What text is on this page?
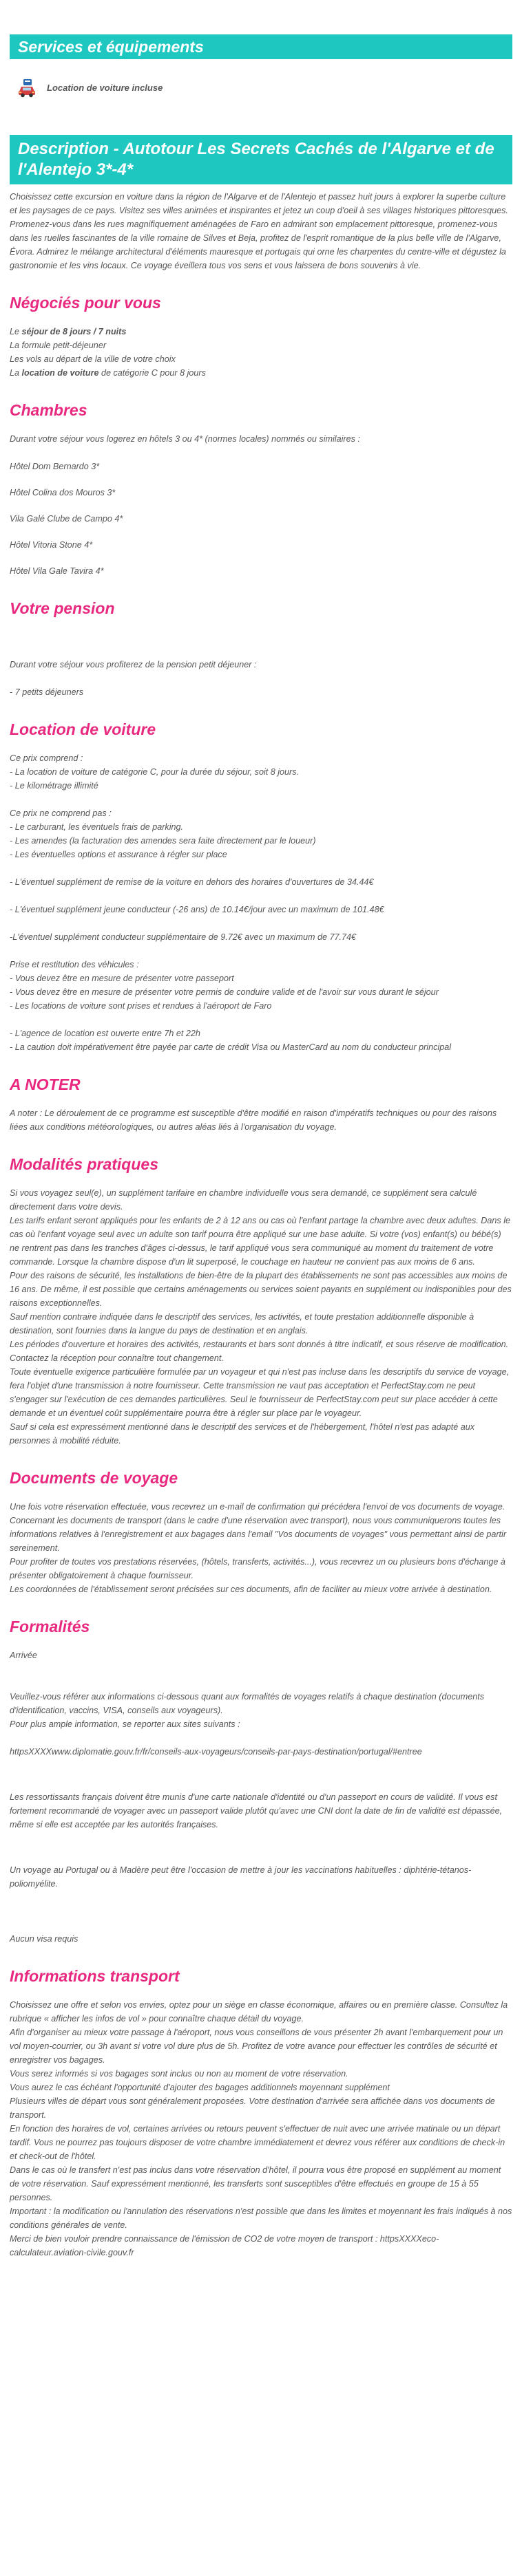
Services et équipements
Location de voiture incluse
Description - Autotour Les Secrets Cachés de l'Algarve et de l'Alentejo 3*-4*

Choisissez cette excursion en voiture dans la région de l'Algarve et de l'Alentejo et passez huit jours à explorer la superbe culture et les paysages de ce pays. Visitez ses villes animées et inspirantes et jetez un coup d'oeil à ses villages historiques pittoresques. Promenez-vous dans les rues magnifiquement aménagées de Faro en admirant son emplacement pittoresque, promenez-vous dans les ruelles fascinantes de la ville romaine de Silves et Beja, profitez de l'esprit romantique de la plus belle ville de l'Algarve, Évora. Admirez le mélange architectural d'éléments mauresque et portugais qui orne les charpentes du centre-ville et dégustez la gastronomie et les vins locaux. Ce voyage éveillera tous vos sens et vous laissera de bons souvenirs à vie.

Négociés pour vous

Le séjour de 8 jours / 7 nuits

La formule petit-déjeuner

Les vols au départ de la ville de votre choix

La location de voiture de catégorie C pour 8 jours

Chambres

Durant votre séjour vous logerez en hôtels 3 ou 4* (normes locales) nommés ou similaires :

Hôtel Dom Bernardo 3*

Hôtel Colina dos Mouros 3*

Vila Galé Clube de Campo 4*

Hôtel Vitoria Stone 4*

Hôtel Vila Gale Tavira 4*

Votre pension

Durant votre séjour vous profiterez de la pension petit déjeuner :

- 7 petits déjeuners

Location de voiture

Ce prix comprend :

- La location de voiture de catégorie C, pour la durée du séjour, soit 8 jours.

- Le kilométrage illimité

Ce prix ne comprend pas :

- Le carburant, les éventuels frais de parking.

- Les amendes (la facturation des amendes sera faite directement par le loueur)

- Les éventuelles options et assurance à régler sur place

- L'éventuel supplément de remise de la voiture en dehors des horaires d'ouvertures de 34.44€

- L'éventuel supplément jeune conducteur (-26 ans) de 10.14€/jour avec un maximum de 101.48€

-L'éventuel supplément conducteur supplémentaire de 9.72€ avec un maximum de 77.74€

Prise et restitution des véhicules :

- Vous devez être en mesure de présenter votre passeport

- Vous devez être en mesure de présenter votre permis de conduire valide et de l'avoir sur vous durant le séjour

- Les locations de voiture sont prises et rendues à l'aéroport de Faro

- L'agence de location est ouverte entre 7h et 22h

- La caution doit impérativement être payée par carte de crédit Visa ou MasterCard au nom du conducteur principal

A NOTER

A noter : Le déroulement de ce programme est susceptible d'être modifié en raison d'impératifs techniques ou pour des raisons liées aux conditions météorologiques, ou autres aléas liés à l'organisation du voyage.

Modalités pratiques

Si vous voyagez seul(e), un supplément tarifaire en chambre individuelle vous sera demandé, ce supplément sera calculé directement dans votre devis.
Les tarifs enfant seront appliqués pour les enfants de 2 à 12 ans ou cas où l'enfant partage la chambre avec deux adultes. Dans le cas où l'enfant voyage seul avec un adulte son tarif pourra être appliqué sur une base adulte. Si votre (vos) enfant(s) ou bébé(s) ne rentrent pas dans les tranches d'âges ci-dessus, le tarif appliqué vous sera communiqué au moment du traitement de votre commande. Lorsque la chambre dispose d'un lit superposé, le couchage en hauteur ne convient pas aux moins de 6 ans.
Pour des raisons de sécurité, les installations de bien-être de la plupart des établissements ne sont pas accessibles aux moins de 16 ans. De même, il est possible que certains aménagements ou services soient payants en supplément ou indisponibles pour des raisons exceptionnelles.
Sauf mention contraire indiquée dans le descriptif des services, les activités, et toute prestation additionnelle disponible à destination, sont fournies dans la langue du pays de destination et en anglais.
Les périodes d'ouverture et horaires des activités, restaurants et bars sont donnés à titre indicatif, et sous réserve de modification. Contactez la réception pour connaître tout changement.
Toute éventuelle exigence particulière formulée par un voyageur et qui n'est pas incluse dans les descriptifs du service de voyage, fera l'objet d'une transmission à notre fournisseur. Cette transmission ne vaut pas acceptation et PerfectStay.com ne peut s'engager sur l'exécution de ces demandes particulières. Seul le fournisseur de PerfectStay.com peut sur place accéder à cette demande et un éventuel coût supplémentaire pourra être à régler sur place par le voyageur.
Sauf si cela est expressément mentionné dans le descriptif des services et de l'hébergement, l'hôtel n'est pas adapté aux personnes à mobilité réduite.

Documents de voyage

Une fois votre réservation effectuée, vous recevrez un e-mail de confirmation qui précédera l'envoi de vos documents de voyage.
Concernant les documents de transport (dans le cadre d'une réservation avec transport), nous vous communiquerons toutes les informations relatives à l'enregistrement et aux bagages dans l'email "Vos documents de voyages" vous permettant ainsi de partir sereinement.
Pour profiter de toutes vos prestations réservées, (hôtels, transferts, activités...), vous recevrez un ou plusieurs bons d'échange à présenter obligatoirement à chaque fournisseur.
Les coordonnées de l'établissement seront précisées sur ces documents, afin de faciliter au mieux votre arrivée à destination.

Formalités

Arrivée

Veuillez-vous référer aux informations ci-dessous quant aux formalités de voyages relatifs à chaque destination (documents d'identification, vaccins, VISA, conseils aux voyageurs).
Pour plus ample information, se reporter aux sites suivants :

httpsXXXXwww.diplomatie.gouv.fr/fr/conseils-aux-voyageurs/conseils-par-pays-destination/portugal/#entree

Les ressortissants français doivent être munis d'une carte nationale d'identité ou d'un passeport en cours de validité. Il vous est fortement recommandé de voyager avec un passeport valide plutôt qu'avec une CNI dont la date de fin de validité est dépassée, même si elle est acceptée par les autorités françaises.

Un voyage au Portugal ou à Madère peut être l'occasion de mettre à jour les vaccinations habituelles : diphtérie-tétanos-poliomyélite.

Aucun visa requis

Informations transport

Choisissez une offre et selon vos envies, optez pour un siège en classe économique, affaires ou en première classe. Consultez la rubrique « afficher les infos de vol » pour connaître chaque détail du voyage.
Afin d'organiser au mieux votre passage à l'aéroport, nous vous conseillons de vous présenter 2h avant l'embarquement pour un vol moyen-courrier, ou 3h avant si votre vol dure plus de 5h. Profitez de votre avance pour effectuer les contrôles de sécurité et enregistrer vos bagages.
Vous serez informés si vos bagages sont inclus ou non au moment de votre réservation.
Vous aurez le cas échéant l'opportunité d'ajouter des bagages additionnels moyennant supplément
Plusieurs villes de départ vous sont généralement proposées. Votre destination d'arrivée sera affichée dans vos documents de transport.
En fonction des horaires de vol, certaines arrivées ou retours peuvent s'effectuer de nuit avec une arrivée matinale ou un départ tardif. Vous ne pourrez pas toujours disposer de votre chambre immédiatement et devrez vous référer aux conditions de check-in et check-out de l'hôtel.
Dans le cas où le transfert n'est pas inclus dans votre réservation d'hôtel, il pourra vous être proposé en supplément au moment de votre réservation. Sauf expressément mentionné, les transferts sont susceptibles d'être effectués en groupe de 15 à 55 personnes.
Important : la modification ou l'annulation des réservations n'est possible que dans les limites et moyennant les frais indiqués à nos conditions générales de vente.
Merci de bien vouloir prendre connaissance de l'émission de CO2 de votre moyen de transport : httpsXXXXeco-calculateur.aviation-civile.gouv.fr
